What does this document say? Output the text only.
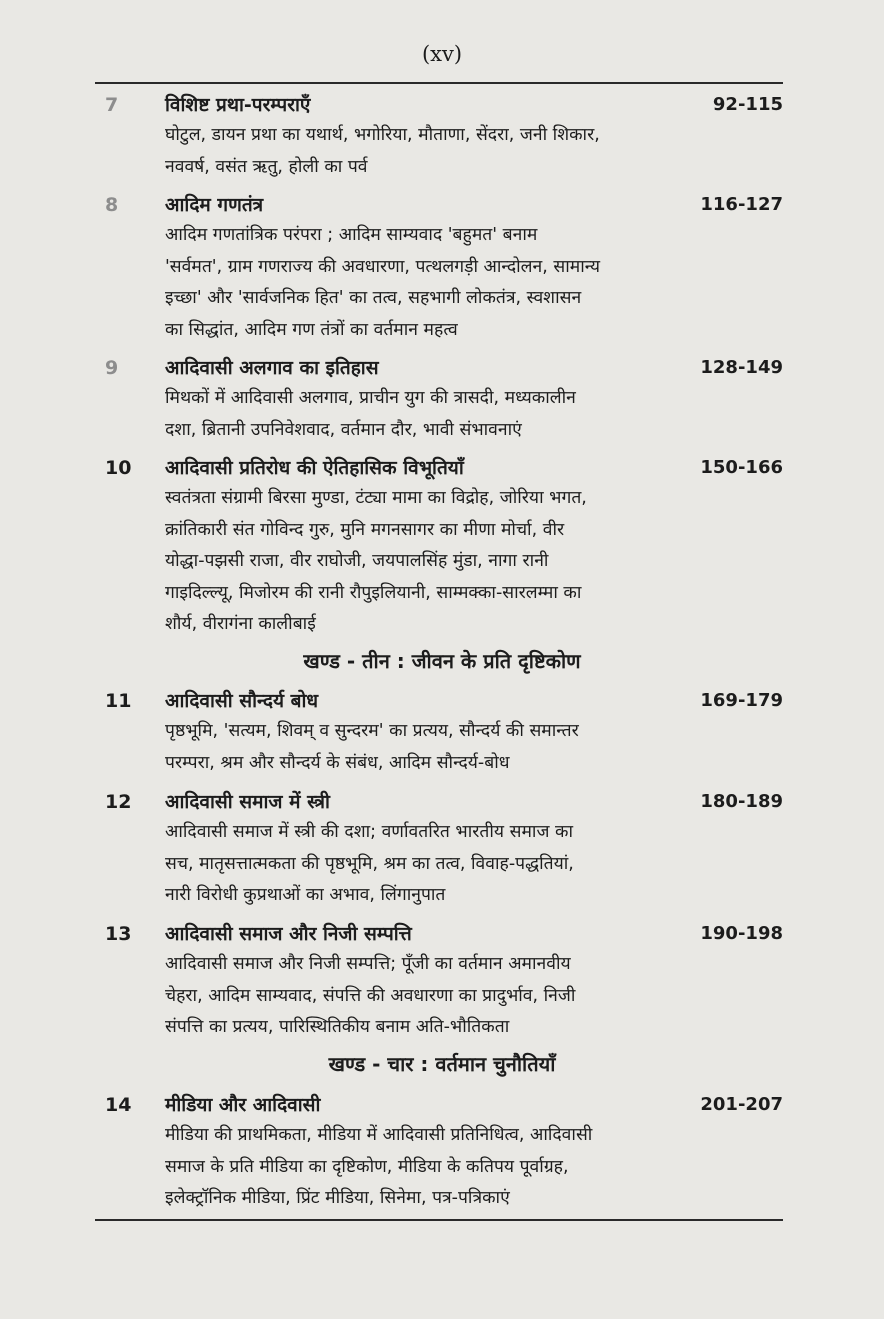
(xv)
7	विशिष्ट प्रथा-परम्पराएँ	92-115
घोटुल, डायन प्रथा का यथार्थ, भगोरिया, मौताणा, सेंदरा, जनी शिकार,
नववर्ष, वसंत ऋतु, होली का पर्व
8	आदिम गणतंत्र	116-127
आदिम गणतांत्रिक परंपरा ; आदिम साम्यवाद 'बहुमत' बनाम
'सर्वमत', ग्राम गणराज्य की अवधारणा, पत्थलगड़ी आन्दोलन, सामान्य
इच्छा' और 'सार्वजनिक हित' का तत्व, सहभागी लोकतंत्र, स्वशासन
का सिद्धांत, आदिम गण तंत्रों का वर्तमान महत्व
9	आदिवासी अलगाव का इतिहास	128-149
मिथकों में आदिवासी अलगाव, प्राचीन युग की त्रासदी, मध्यकालीन
दशा, ब्रितानी उपनिवेशवाद, वर्तमान दौर, भावी संभावनाएं
10	आदिवासी प्रतिरोध की ऐतिहासिक विभूतियाँ	150-166
स्वतंत्रता संग्रामी बिरसा मुण्डा, टंट्या मामा का विद्रोह, जोरिया भगत,
क्रांतिकारी संत गोविन्द गुरु, मुनि मगनसागर का मीणा मोर्चा, वीर
योद्धा-पझसी राजा, वीर राघोजी, जयपालसिंह मुंडा, नागा रानी
गाइदिल्ल्यू, मिजोरम की रानी रौपुइलियानी, साम्मक्का-सारलम्मा का
शौर्य, वीरागंना कालीबाई
खण्ड - तीन : जीवन के प्रति दृष्टिकोण
11	आदिवासी सौन्दर्य बोध	169-179
पृष्ठभूमि, 'सत्यम, शिवम् व सुन्दरम' का प्रत्यय, सौन्दर्य की समान्तर
परम्परा, श्रम और सौन्दर्य के संबंध, आदिम सौन्दर्य-बोध
12	आदिवासी समाज में स्त्री	180-189
आदिवासी समाज में स्त्री की दशा; वर्णावतरित भारतीय समाज का
सच, मातृसत्तात्मकता की पृष्ठभूमि, श्रम का तत्व, विवाह-पद्धतियां,
नारी विरोधी कुप्रथाओं का अभाव, लिंगानुपात
13	आदिवासी समाज और निजी सम्पत्ति	190-198
आदिवासी समाज और निजी सम्पत्ति; पूँजी का वर्तमान अमानवीय
चेहरा, आदिम साम्यवाद, संपत्ति की अवधारणा का प्रादुर्भाव, निजी
संपत्ति का प्रत्यय, पारिस्थितिकीय बनाम अति-भौतिकता
खण्ड - चार : वर्तमान चुनौतियाँ
14	मीडिया और आदिवासी	201-207
मीडिया की प्राथमिकता, मीडिया में आदिवासी प्रतिनिधित्व, आदिवासी
समाज के प्रति मीडिया का दृष्टिकोण, मीडिया के कतिपय पूर्वाग्रह,
इलेक्ट्रॉनिक मीडिया, प्रिंट मीडिया, सिनेमा, पत्र-पत्रिकाएं
